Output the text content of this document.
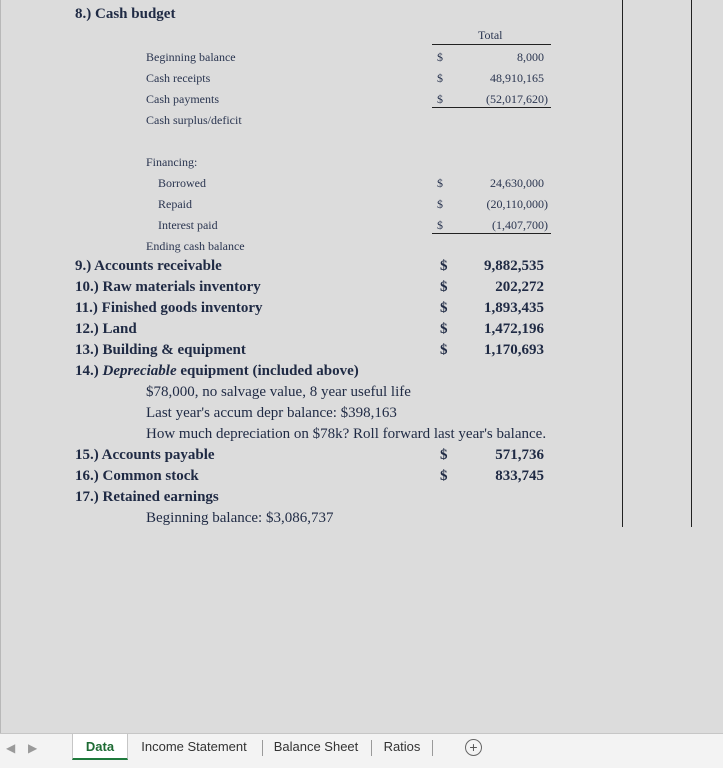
8.) Cash budget
Total
Beginning balance	$	8,000
Cash receipts	$	48,910,165
Cash payments	$	(52,017,620)
Cash surplus/deficit
Financing:
Borrowed	$	24,630,000
Repaid	$	(20,110,000)
Interest paid	$	(1,407,700)
Ending cash balance
9.) Accounts receivable	$	9,882,535
10.) Raw materials inventory	$	202,272
11.) Finished goods inventory	$	1,893,435
12.) Land	$	1,472,196
13.) Building & equipment	$	1,170,693
14.) Depreciable equipment (included above)
$78,000, no salvage value, 8 year useful life
Last year's accum depr balance: $398,163
How much depreciation on $78k? Roll forward last year's balance.
15.) Accounts payable	$	571,736
16.) Common stock	$	833,745
17.) Retained earnings
Beginning balance: $3,086,737
◀ ▶	Data	Income Statement	Balance Sheet	Ratios	+
